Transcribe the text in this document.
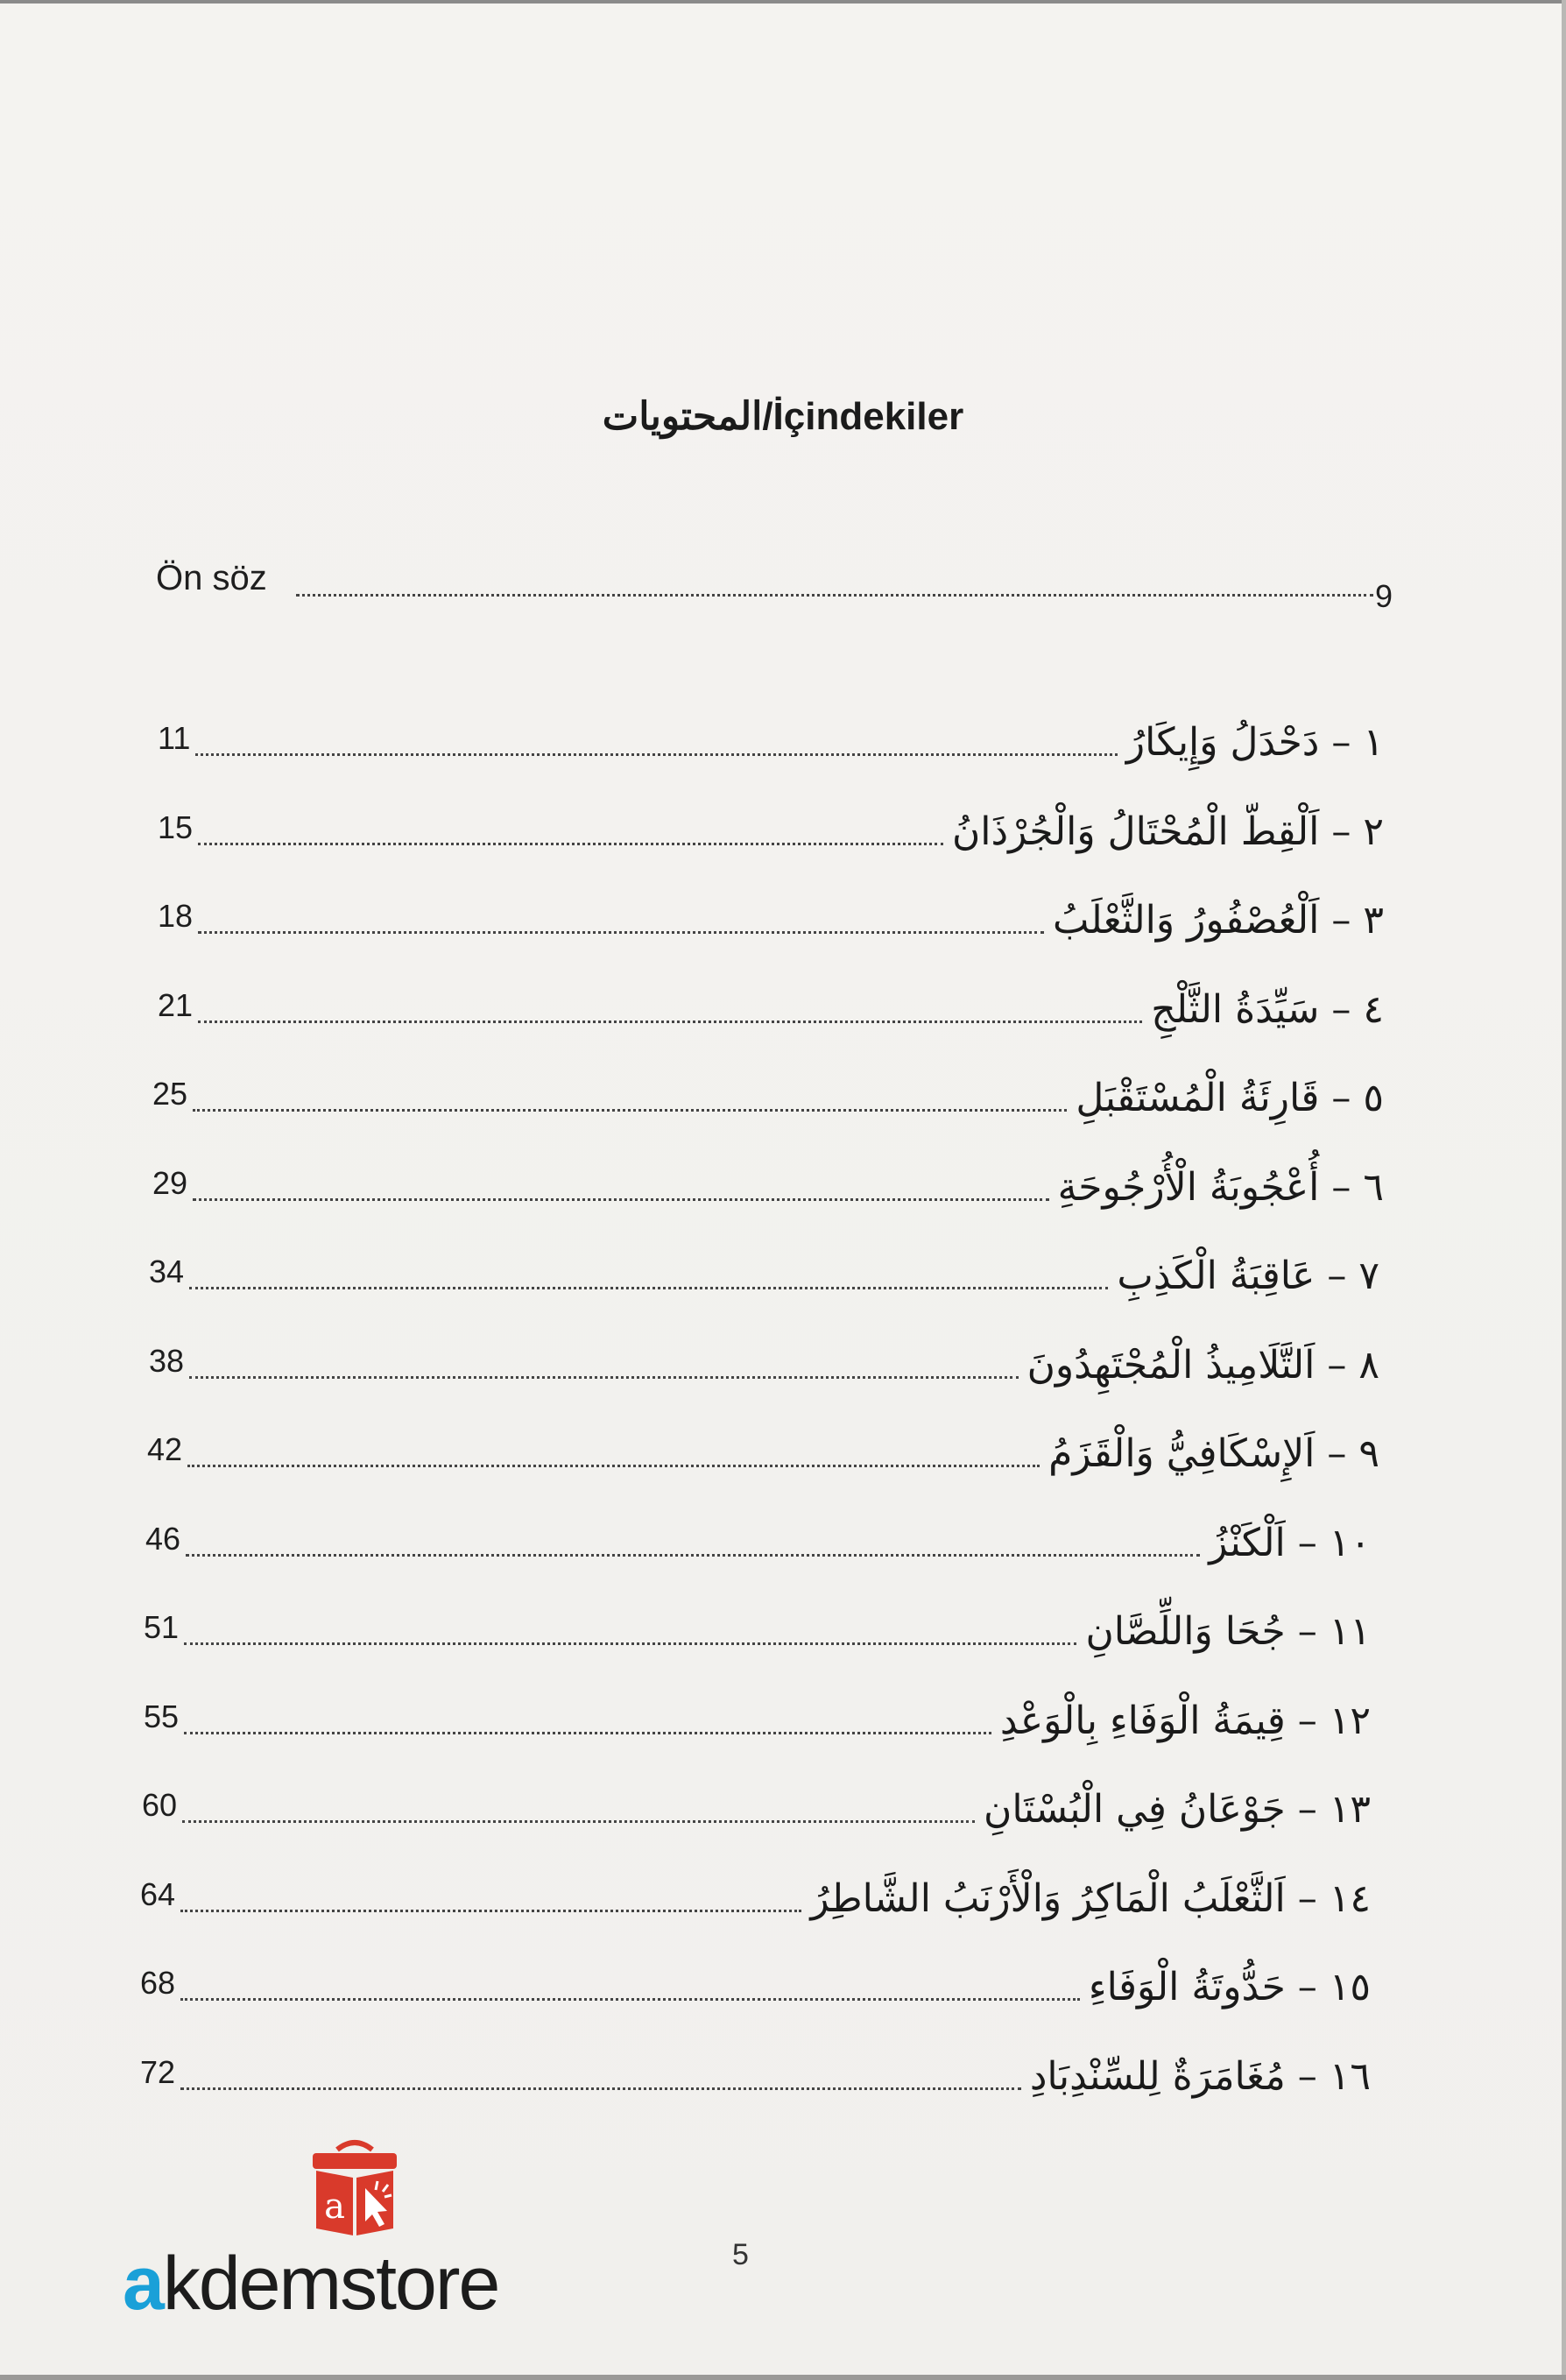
المحتويات/İçindekiler
Ön söz	9
11	١ – دَحْدَلُ وَإِيكَارُ
15	٢ – اَلْقِطّ الْمُحْتَالُ وَالْجُرْذَانُ
18	٣ – اَلْعُصْفُورُ وَالثَّعْلَبُ
21	٤ – سَيِّدَةُ الثَّلْجِ
25	٥ – قَارِئَةُ الْمُسْتَقْبَلِ
29	٦ – أُعْجُوبَةُ الْأُرْجُوحَةِ
34	٧ – عَاقِبَةُ الْكَذِبِ
38	٨ – اَلتَّلَامِيذُ الْمُجْتَهِدُونَ
42	٩ – اَلإِسْكَافِيُّ وَالْقَزَمُ
46	١٠ – اَلْكَنْزُ
51	١١ – جُحَا وَاللِّصَّانِ
55	١٢ – قِيمَةُ الْوَفَاءِ بِالْوَعْدِ
60	١٣ – جَوْعَانُ فِي الْبُسْتَانِ
64	١٤ – اَلثَّعْلَبُ الْمَاكِرُ وَالْأَرْنَبُ الشَّاطِرُ
68	١٥ – حَدُّوتَةُ الْوَفَاءِ
72	١٦ – مُغَامَرَةٌ لِلسِّنْدِبَادِ
a
akdemstore	5
